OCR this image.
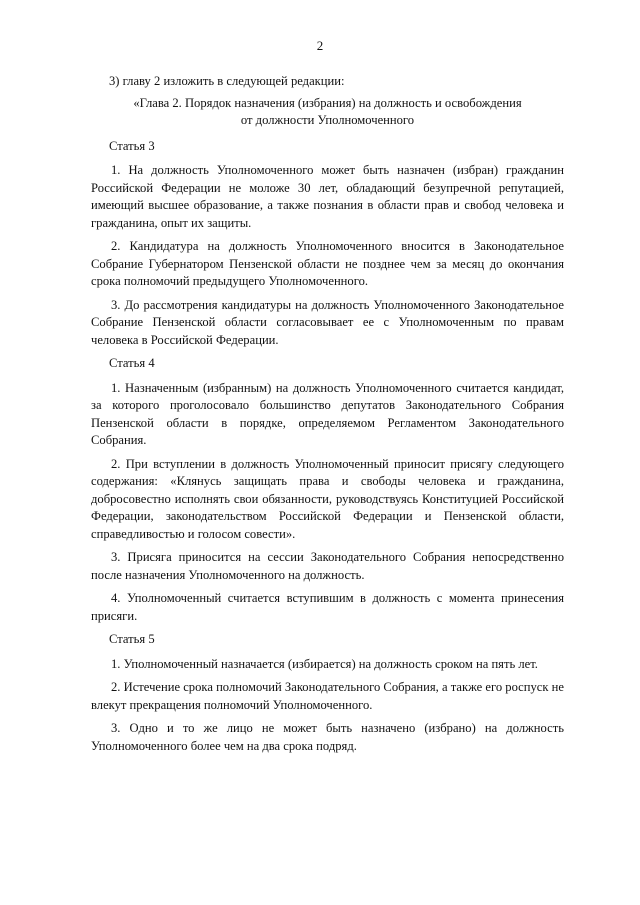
2

3) главу 2 изложить в следующей редакции:

«Глава 2. Порядок назначения (избрания) на должность и освобождения
от должности Уполномоченного
Статья 3

1. На должность Уполномоченного может быть назначен (избран) гражданин Российской Федерации не моложе 30 лет, обладающий безупречной репутацией, имеющий высшее образование, а также познания в области прав и свобод человека и гражданина, опыт их защиты.

2. Кандидатура на должность Уполномоченного вносится в Законодательное Собрание Губернатором Пензенской области не позднее чем за месяц до окончания срока полномочий предыдущего Уполномоченного.

3. До рассмотрения кандидатуры на должность Уполномоченного Законодательное Собрание Пензенской области согласовывает ее с Уполномоченным по правам человека в Российской Федерации.

Статья 4

1. Назначенным (избранным) на должность Уполномоченного считается кандидат, за которого проголосовало большинство депутатов Законодательного Собрания Пензенской области в порядке, определяемом Регламентом Законодательного Собрания.

2. При вступлении в должность Уполномоченный приносит присягу следующего содержания: «Клянусь защищать права и свободы человека и гражданина, добросовестно исполнять свои обязанности, руководствуясь Конституцией Российской Федерации, законодательством Российской Федерации и Пензенской области, справедливостью и голосом совести».

3. Присяга приносится на сессии Законодательного Собрания непосредственно после назначения Уполномоченного на должность.

4. Уполномоченный считается вступившим в должность с момента принесения присяги.

Статья 5

1. Уполномоченный назначается (избирается) на должность сроком на пять лет.

2. Истечение срока полномочий Законодательного Собрания, а также его роспуск не влекут прекращения полномочий Уполномоченного.

3. Одно и то же лицо не может быть назначено (избрано) на должность Уполномоченного более чем на два срока подряд.
